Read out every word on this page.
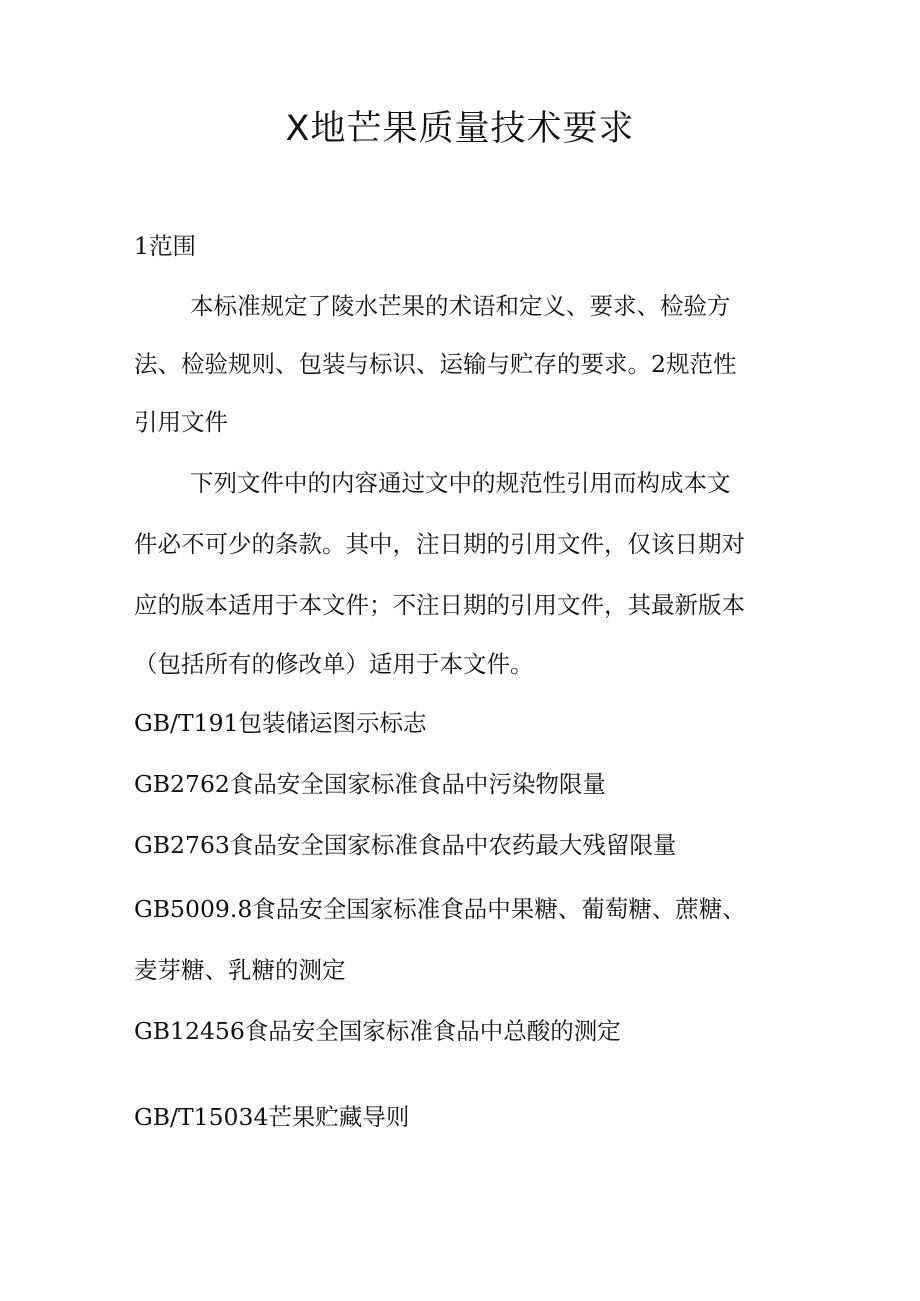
X地芒果质量技术要求

1范围

本标准规定了陵水芒果的术语和定义、要求、检验方

法、检验规则、包装与标识、运输与贮存的要求。2规范性

引用文件

下列文件中的内容通过文中的规范性引用而构成本文

件必不可少的条款。其中，注日期的引用文件，仅该日期对

应的版本适用于本文件；不注日期的引用文件，其最新版本

（包括所有的修改单）适用于本文件。

GB/T191包装储运图示标志

GB2762食品安全国家标准食品中污染物限量

GB2763食品安全国家标准食品中农药最大残留限量

GB5009.8食品安全国家标准食品中果糖、葡萄糖、蔗糖、

麦芽糖、乳糖的测定

GB12456食品安全国家标准食品中总酸的测定

GB/T15034芒果贮藏导则
